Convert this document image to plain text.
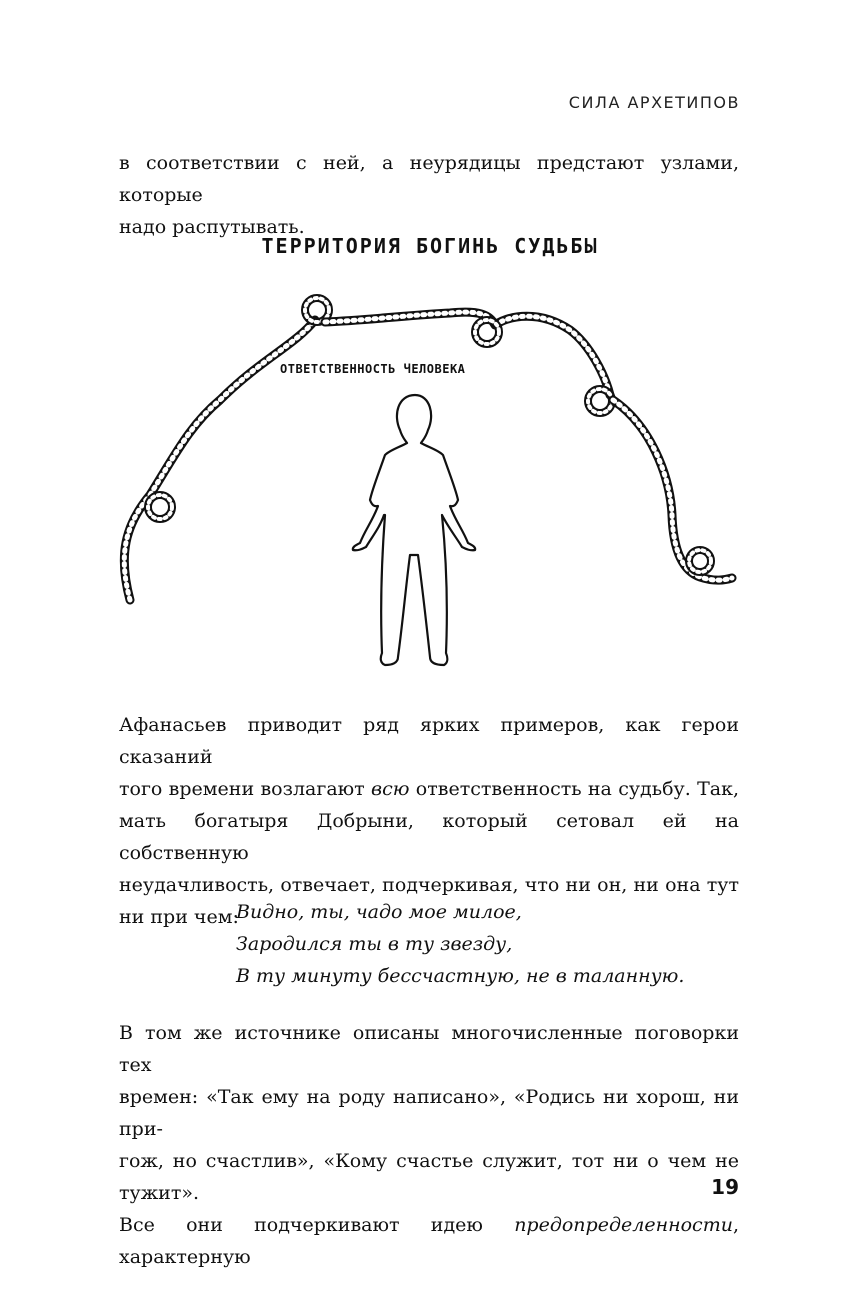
СИЛА АРХЕТИПОВ

в соответствии с ней, а неурядицы предстают узлами, которые
надо распутывать.

ТЕРРИТОРИЯ БОГИНЬ СУДЬБЫ

ОТВЕТСТВЕННОСТЬ ЧЕЛОВЕКА

Афанасьев приводит ряд ярких примеров, как герои сказаний
того времени возлагают всю ответственность на судьбу. Так,
мать богатыря Добрыни, который сетовал ей на собственную
неудачливость, отвечает, подчеркивая, что ни он, ни она тут
ни при чем:

Видно, ты, чадо мое милое,
Зародился ты в ту звезду,
В ту минуту бессчастную, не в таланную.

В том же источнике описаны многочисленные поговорки тех
времен: «Так ему на роду написано», «Родись ни хорош, ни при-
гож, но счастлив», «Кому счастье служит, тот ни о чем не тужит».
Все они подчеркивают идею предопределенности, характерную

19
